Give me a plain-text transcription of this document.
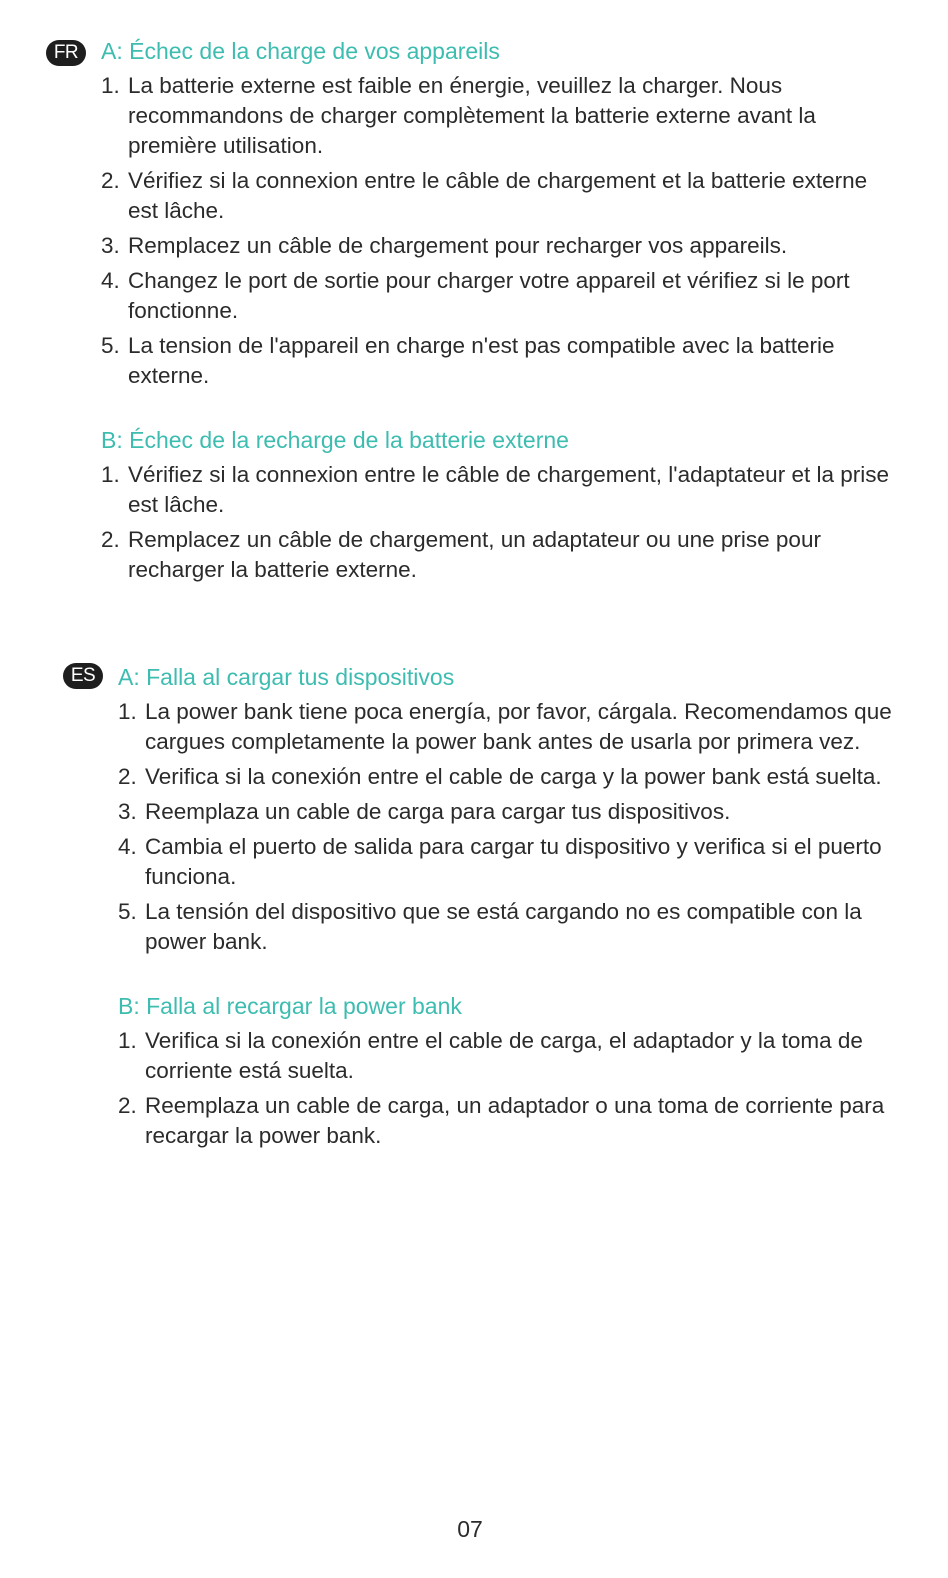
FR A: Échec de la charge de vos appareils
1. La batterie externe est faible en énergie, veuillez la charger. Nous recommandons de charger complètement la batterie externe avant la première utilisation.
2. Vérifiez si la connexion entre le câble de chargement et la batterie externe est lâche.
3. Remplacez un câble de chargement pour recharger vos appareils.
4. Changez le port de sortie pour charger votre appareil et vérifiez si le port fonctionne.
5. La tension de l'appareil en charge n'est pas compatible avec la batterie externe.
B: Échec de la recharge de la batterie externe
1. Vérifiez si la connexion entre le câble de chargement, l'adaptateur et la prise est lâche.
2. Remplacez un câble de chargement, un adaptateur ou une prise pour recharger la batterie externe.
ES A: Falla al cargar tus dispositivos
1. La power bank tiene poca energía, por favor, cárgala. Recomendamos que cargues completamente la power bank antes de usarla por primera vez.
2. Verifica si la conexión entre el cable de carga y la power bank está suelta.
3. Reemplaza un cable de carga para cargar tus dispositivos.
4. Cambia el puerto de salida para cargar tu dispositivo y verifica si el puerto funciona.
5. La tensión del dispositivo que se está cargando no es compatible con la power bank.
B: Falla al recargar la power bank
1. Verifica si la conexión entre el cable de carga, el adaptador y la toma de corriente está suelta.
2. Reemplaza un cable de carga, un adaptador o una toma de corriente para recargar la power bank.
07
